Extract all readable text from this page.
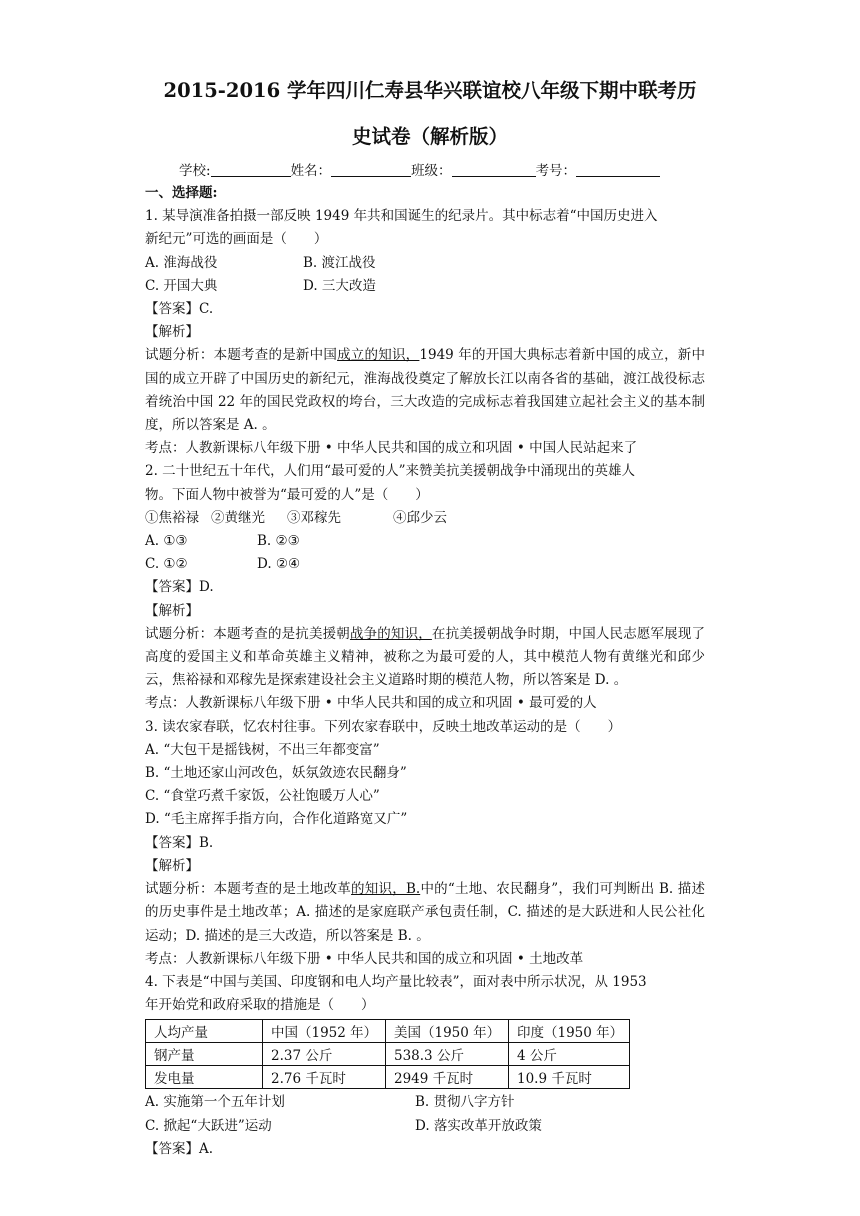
2015-2016 学年四川仁寿县华兴联谊校八年级下期中联考历
史试卷（解析版）
学校:	姓名：	班级：	考号：
一、选择题:
1. 某导演准备拍摄一部反映 1949 年共和国诞生的纪录片。其中标志着“中国历史进入
新纪元”可选的画面是（　　）
A. 淮海战役	B. 渡江战役
C. 开国大典	D. 三大改造
【答案】C.
【解析】
试题分析：本题考查的是新中国成立的知识，1949 年的开国大典标志着新中国的成立，新中国的成立开辟了中国历史的新纪元，淮海战役奠定了解放长江以南各省的基础，渡江战役标志着统治中国 22 年的国民党政权的垮台，三大改造的完成标志着我国建立起社会主义的基本制度，所以答案是 A. 。
考点：人教新课标八年级下册 • 中华人民共和国的成立和巩固 • 中国人民站起来了
2. 二十世纪五十年代，人们用“最可爱的人”来赞美抗美援朝战争中涌现出的英雄人
物。下面人物中被誉为“最可爱的人”是（　　）
①焦裕禄 ②黄继光	③邓稼先	④邱少云
A. ①③	B. ②③
C. ①②	D. ②④
【答案】D.
【解析】
试题分析：本题考查的是抗美援朝战争的知识，在抗美援朝战争时期，中国人民志愿军展现了高度的爱国主义和革命英雄主义精神，被称之为最可爱的人，其中模范人物有黄继光和邱少云，焦裕禄和邓稼先是探索建设社会主义道路时期的模范人物，所以答案是 D. 。
考点：人教新课标八年级下册 • 中华人民共和国的成立和巩固 • 最可爱的人
3. 读农家春联，忆农村往事。下列农家春联中，反映土地改革运动的是（　　）
A. “大包干是摇钱树，不出三年都变富”
B. “土地还家山河改色，妖氛敛迹农民翻身”
C. “食堂巧煮千家饭，公社饱暖万人心”
D. “毛主席挥手指方向，合作化道路宽又广”
【答案】B.
【解析】
试题分析：本题考查的是土地改革的知识，B.中的“土地、农民翻身”，我们可判断出 B. 描述的历史事件是土地改革；A. 描述的是家庭联产承包责任制，C. 描述的是大跃进和人民公社化运动；D. 描述的是三大改造，所以答案是 B. 。
考点：人教新课标八年级下册 • 中华人民共和国的成立和巩固 • 土地改革
4. 下表是“中国与美国、印度钢和电人均产量比较表”，面对表中所示状况，从 1953
年开始党和政府采取的措施是（　　）
人均产量	中国（1952 年）	美国（1950 年）	印度（1950 年）
钢产量	2.37 公斤	538.3 公斤	4 公斤
发电量	2.76 千瓦时	2949 千瓦时	10.9 千瓦时
A. 实施第一个五年计划	B. 贯彻八字方针
C. 掀起“大跃进”运动	D. 落实改革开放政策
【答案】A.
